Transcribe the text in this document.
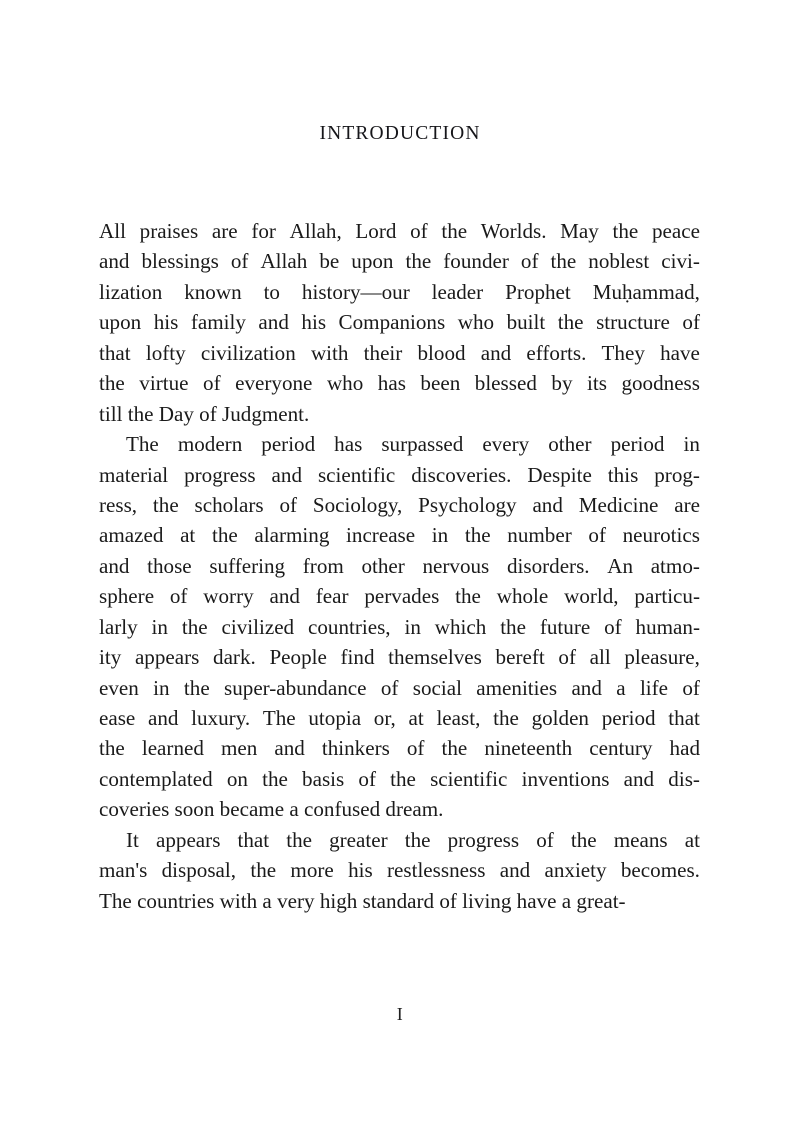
INTRODUCTION

All praises are for Allah, Lord of the Worlds. May the peace
and blessings of Allah be upon the founder of the noblest civi-
lization known to history—our leader Prophet Muḥammad,
upon his family and his Companions who built the structure of
that lofty civilization with their blood and efforts. They have
the virtue of everyone who has been blessed by its goodness
till the Day of Judgment.

The modern period has surpassed every other period in
material progress and scientific discoveries. Despite this prog-
ress, the scholars of Sociology, Psychology and Medicine are
amazed at the alarming increase in the number of neurotics
and those suffering from other nervous disorders. An atmo-
sphere of worry and fear pervades the whole world, particu-
larly in the civilized countries, in which the future of human-
ity appears dark. People find themselves bereft of all pleasure,
even in the super-abundance of social amenities and a life of
ease and luxury. The utopia or, at least, the golden period that
the learned men and thinkers of the nineteenth century had
contemplated on the basis of the scientific inventions and dis-
coveries soon became a confused dream.

It appears that the greater the progress of the means at
man's disposal, the more his restlessness and anxiety becomes.
The countries with a very high standard of living have a great-

I
